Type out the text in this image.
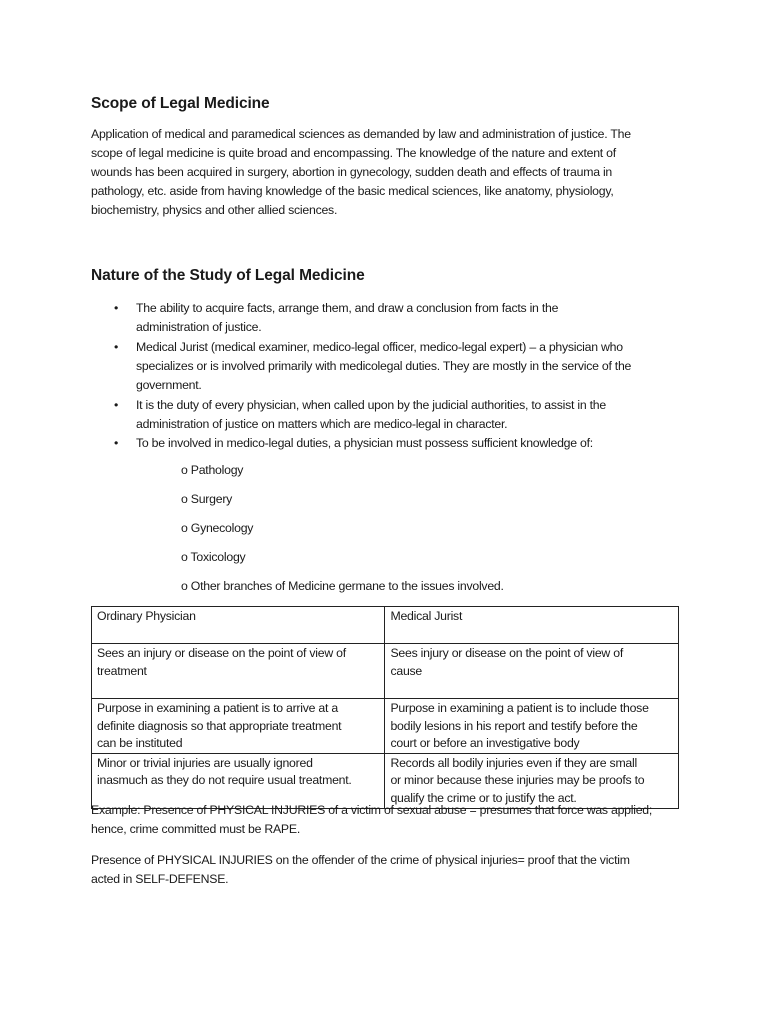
Scope of Legal Medicine

Application of medical and paramedical sciences as demanded by law and administration of justice. The
scope of legal medicine is quite broad and encompassing. The knowledge of the nature and extent of
wounds has been acquired in surgery, abortion in gynecology, sudden death and effects of trauma in
pathology, etc. aside from having knowledge of the basic medical sciences, like anatomy, physiology,
biochemistry, physics and other allied sciences.

Nature of the Study of Legal Medicine
• The ability to acquire facts, arrange them, and draw a conclusion from facts in the
administration of justice.
• Medical Jurist (medical examiner, medico-legal officer, medico-legal expert) – a physician who
specializes or is involved primarily with medicolegal duties. They are mostly in the service of the
government.
• It is the duty of every physician, when called upon by the judicial authorities, to assist in the
administration of justice on matters which are medico-legal in character.
• To be involved in medico-legal duties, a physician must possess sufficient knowledge of:
o Pathology
o Surgery
o Gynecology
o Toxicology
o Other branches of Medicine germane to the issues involved.
Ordinary Physician	Medical Jurist

Sees an injury or disease on the point of view of
treatment	Sees injury or disease on the point of view of
cause

Purpose in examining a patient is to arrive at a
definite diagnosis so that appropriate treatment
can be instituted	Purpose in examining a patient is to include those
bodily lesions in his report and testify before the
court or before an investigative body

Minor or trivial injuries are usually ignored
inasmuch as they do not require usual treatment.	Records all bodily injuries even if they are small
or minor because these injuries may be proofs to
qualify the crime or to justify the act.

Example: Presence of PHYSICAL INJURIES of a victim of sexual abuse = presumes that force was applied;
hence, crime committed must be RAPE.

Presence of PHYSICAL INJURIES on the offender of the crime of physical injuries= proof that the victim
acted in SELF-DEFENSE.
